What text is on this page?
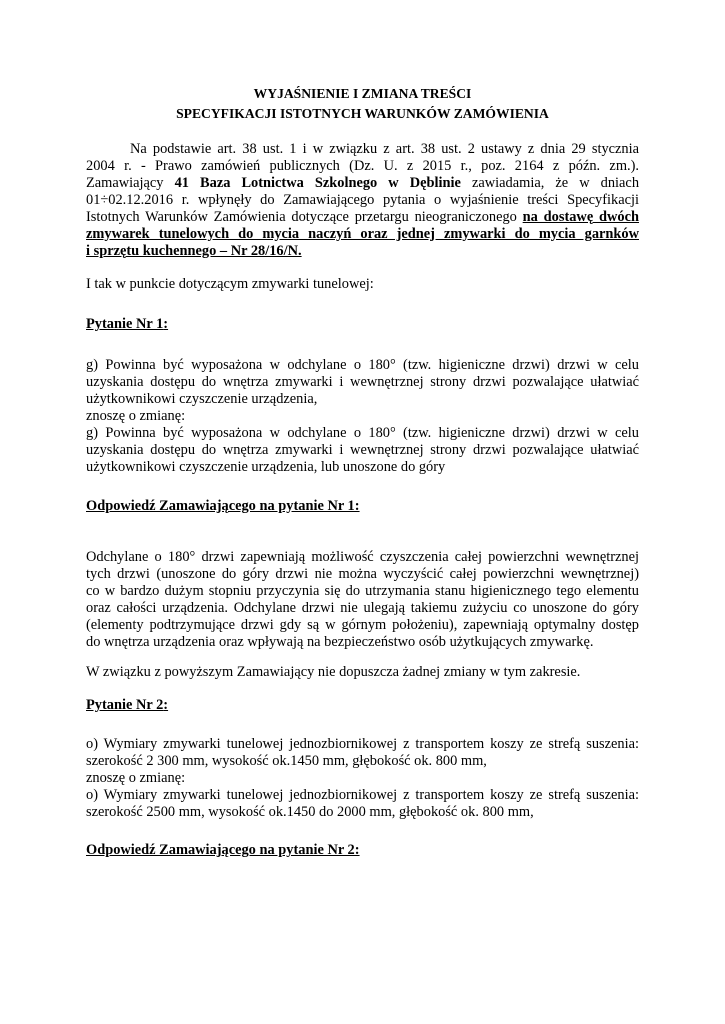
WYJAŚNIENIE I ZMIANA TREŚCI

SPECYFIKACJI ISTOTNYCH WARUNKÓW ZAMÓWIENIA

Na podstawie art. 38 ust. 1 i w związku z art. 38 ust. 2 ustawy z dnia 29 stycznia
2004 r. - Prawo zamówień publicznych (Dz. U. z 2015 r., poz. 2164 z późn. zm.).
Zamawiający 41 Baza Lotnictwa Szkolnego w Dęblinie zawiadamia, że w dniach
01÷02.12.2016 r. wpłynęły do Zamawiającego pytania o wyjaśnienie treści Specyfikacji
Istotnych Warunków Zamówienia dotyczące przetargu nieograniczonego na dostawę dwóch
zmywarek tunelowych do mycia naczyń oraz jednej zmywarki do mycia garnków
i sprzętu kuchennego – Nr 28/16/N.

I tak w punkcie dotyczącym zmywarki tunelowej:

Pytanie Nr 1:

g) Powinna być wyposażona w odchylane o 180° (tzw. higieniczne drzwi) drzwi w celu
uzyskania dostępu do wnętrza zmywarki i wewnętrznej strony drzwi pozwalające ułatwiać
użytkownikowi czyszczenie urządzenia,
znoszę o zmianę:
g) Powinna być wyposażona w odchylane o 180° (tzw. higieniczne drzwi) drzwi w celu
uzyskania dostępu do wnętrza zmywarki i wewnętrznej strony drzwi pozwalające ułatwiać
użytkownikowi czyszczenie urządzenia, lub unoszone do góry

Odpowiedź Zamawiającego na pytanie Nr 1:

Odchylane o 180° drzwi zapewniają możliwość czyszczenia całej powierzchni wewnętrznej
tych drzwi (unoszone do góry drzwi nie można wyczyścić całej powierzchni wewnętrznej)
co w bardzo dużym stopniu przyczynia się do utrzymania stanu higienicznego tego elementu
oraz całości urządzenia. Odchylane drzwi nie ulegają takiemu zużyciu co unoszone do góry
(elementy podtrzymujące drzwi gdy są w górnym położeniu), zapewniają optymalny dostęp
do wnętrza urządzenia oraz wpływają na bezpieczeństwo osób użytkujących zmywarkę.

W związku z powyższym Zamawiający nie dopuszcza żadnej zmiany w tym zakresie.

Pytanie Nr 2:

o) Wymiary zmywarki tunelowej jednozbiornikowej z transportem koszy ze strefą suszenia:
szerokość 2 300 mm, wysokość ok.1450 mm, głębokość ok. 800 mm,
znoszę o zmianę:
o) Wymiary zmywarki tunelowej jednozbiornikowej z transportem koszy ze strefą suszenia:
szerokość 2500 mm, wysokość ok.1450 do 2000 mm, głębokość ok. 800 mm,

Odpowiedź Zamawiającego na pytanie Nr 2:
